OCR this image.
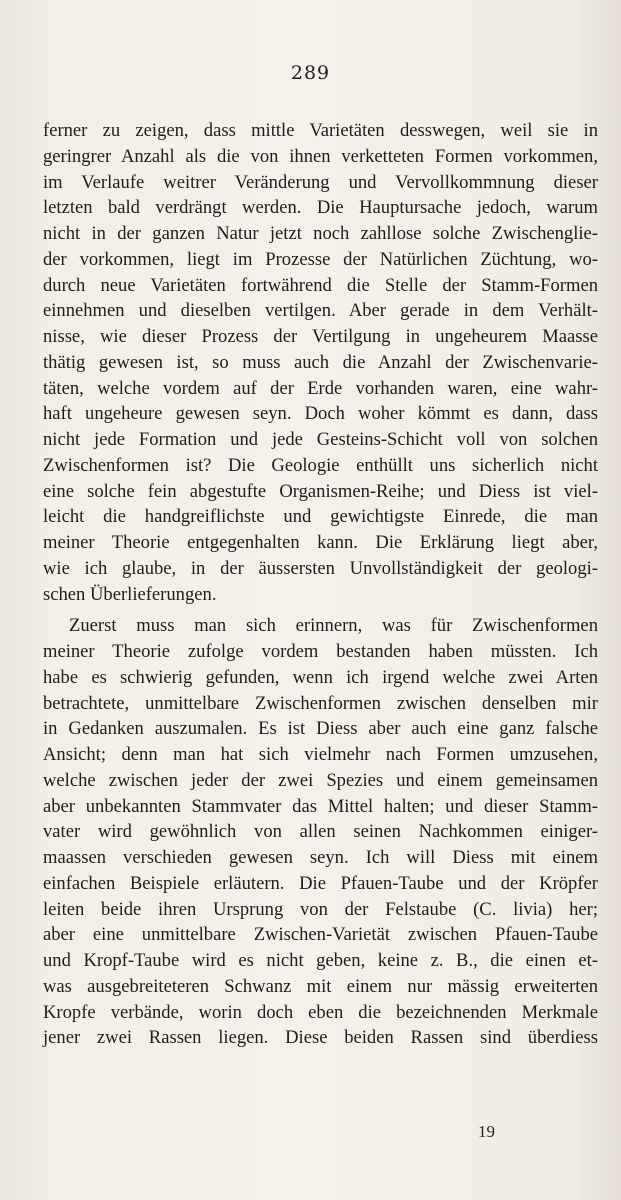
289
ferner zu zeigen, dass mittle Varietäten desswegen, weil sie in
geringrer Anzahl als die von ihnen verketteten Formen vorkommen,
im Verlaufe weitrer Veränderung und Vervollkommnung dieser
letzten bald verdrängt werden. Die Hauptursache jedoch, warum
nicht in der ganzen Natur jetzt noch zahllose solche Zwischenglie-
der vorkommen, liegt im Prozesse der Natürlichen Züchtung, wo-
durch neue Varietäten fortwährend die Stelle der Stamm-Formen
einnehmen und dieselben vertilgen. Aber gerade in dem Verhält-
nisse, wie dieser Prozess der Vertilgung in ungeheurem Maasse
thätig gewesen ist, so muss auch die Anzahl der Zwischenvarie-
täten, welche vordem auf der Erde vorhanden waren, eine wahr-
haft ungeheure gewesen seyn. Doch woher kömmt es dann, dass
nicht jede Formation und jede Gesteins-Schicht voll von solchen
Zwischenformen ist? Die Geologie enthüllt uns sicherlich nicht
eine solche fein abgestufte Organismen-Reihe; und Diess ist viel-
leicht die handgreiflichste und gewichtigste Einrede, die man
meiner Theorie entgegenhalten kann. Die Erklärung liegt aber,
wie ich glaube, in der äussersten Unvollständigkeit der geologi-
schen Überlieferungen.
Zuerst muss man sich erinnern, was für Zwischenformen
meiner Theorie zufolge vordem bestanden haben müssten. Ich
habe es schwierig gefunden, wenn ich irgend welche zwei Arten
betrachtete, unmittelbare Zwischenformen zwischen denselben mir
in Gedanken auszumalen. Es ist Diess aber auch eine ganz falsche
Ansicht; denn man hat sich vielmehr nach Formen umzusehen,
welche zwischen jeder der zwei Spezies und einem gemeinsamen
aber unbekannten Stammvater das Mittel halten; und dieser Stamm-
vater wird gewöhnlich von allen seinen Nachkommen einiger-
maassen verschieden gewesen seyn. Ich will Diess mit einem
einfachen Beispiele erläutern. Die Pfauen-Taube und der Kröpfer
leiten beide ihren Ursprung von der Felstaube (C. livia) her;
aber eine unmittelbare Zwischen-Varietät zwischen Pfauen-Taube
und Kropf-Taube wird es nicht geben, keine z. B., die einen et-
was ausgebreiteteren Schwanz mit einem nur mässig erweiterten
Kropfe verbände, worin doch eben die bezeichnenden Merkmale
jener zwei Rassen liegen. Diese beiden Rassen sind überdiess
19
